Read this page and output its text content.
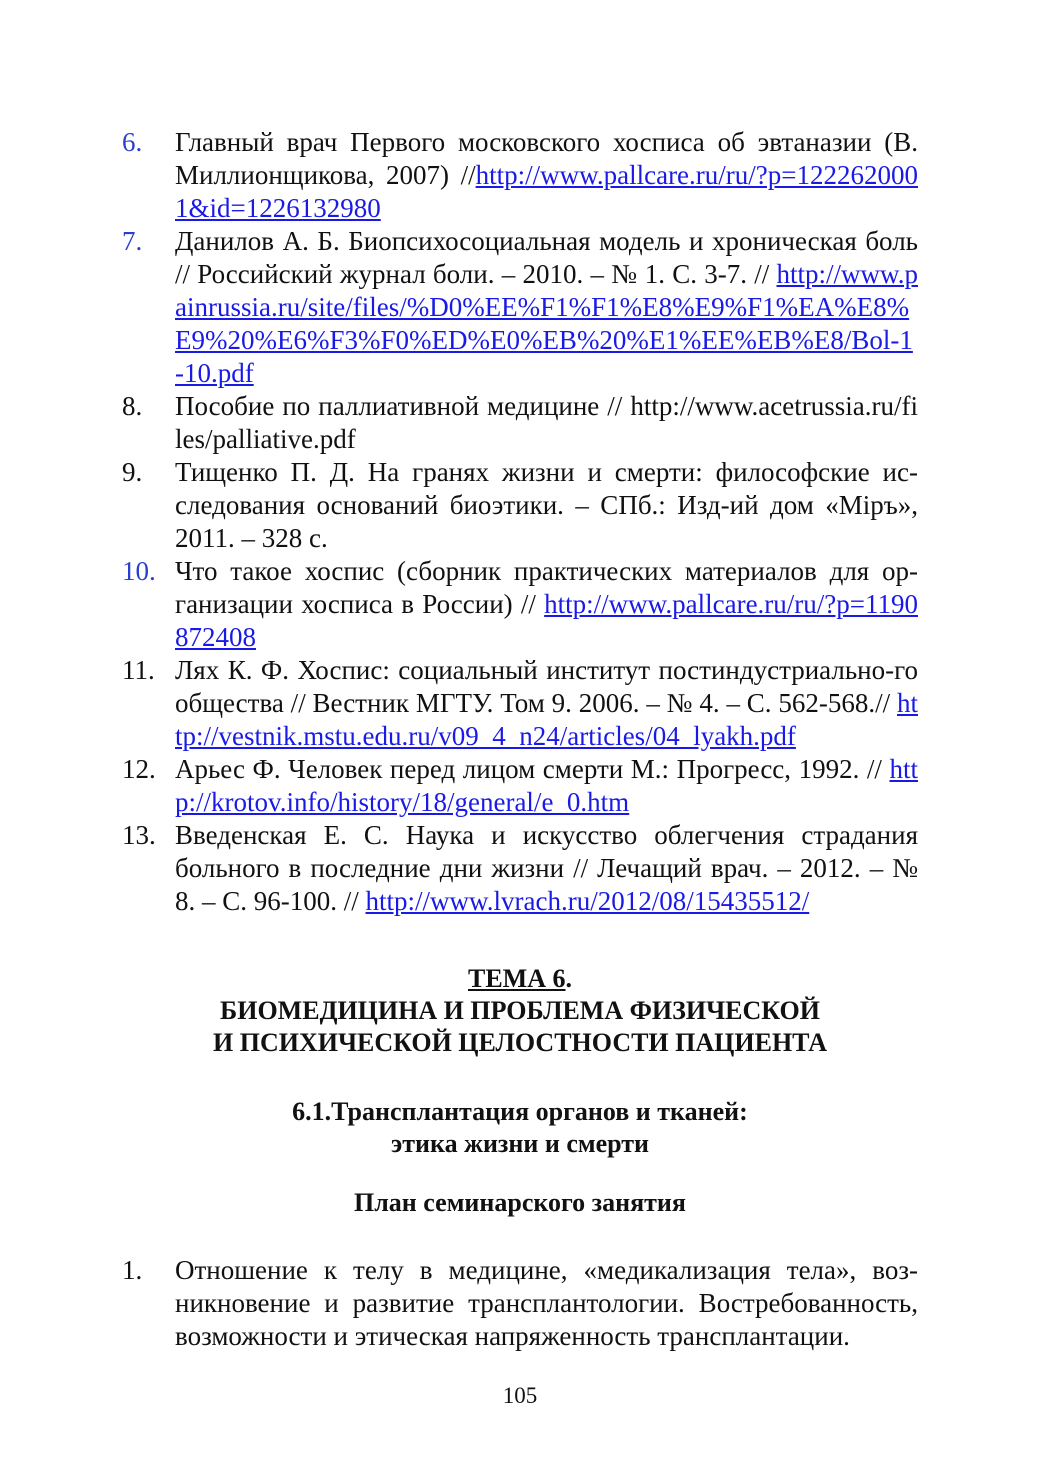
6.	Главный врач Первого московского хосписа об эвтаназии (В. Миллионщикова, 2007) //http://www.pallcare.ru/ru/?p=1222620001&id=1226132980
7.	Данилов А. Б. Биопсихосоциальная модель и хроническая боль // Российский журнал боли. – 2010. – № 1. С. 3-7. // http://www.painrussia.ru/site/files/%D0%EE%F1%F1%E8%E9%F1%EA%E8%E9%20%E6%F3%F0%ED%E0%EB%20%E1%EE%EB%E8/Bol-1-10.pdf
8.	Пособие по паллиативной медицине // http://www.acetrussia.ru/files/palliative.pdf
9.	Тищенко П. Д. На гранях жизни и смерти: философские ис-следования оснований биоэтики. – СПб.: Изд-ий дом «Міръ», 2011. – 328 с.
10. Что такое хоспис (сборник практических материалов для ор-ганизации хосписа в России) // http://www.pallcare.ru/ru/?p=1190872408
11. Лях К. Ф. Хоспис: социальный институт постиндустриально-го общества // Вестник МГТУ. Том 9. 2006. – № 4. – С. 562-568.// http://vestnik.mstu.edu.ru/v09_4_n24/articles/04_lyakh.pdf
12. Арьес Ф. Человек перед лицом смерти М.: Прогресс, 1992. // http://krotov.info/history/18/general/e_0.htm
13. Введенская Е. С. Наука и искусство облегчения страдания больного в последние дни жизни // Лечащий врач. – 2012. – № 8. – С. 96-100. // http://www.lvrach.ru/2012/08/15435512/
ТЕМА 6.
БИОМЕДИЦИНА И ПРОБЛЕМА ФИЗИЧЕСКОЙ
И ПСИХИЧЕСКОЙ ЦЕЛОСТНОСТИ ПАЦИЕНТА
6.1.Трансплантация органов и тканей:
этика жизни и смерти
План семинарского занятия
1.	Отношение к телу в медицине, «медикализация тела», воз-никновение и развитие трансплантологии. Востребованность, возможности и этическая напряженность трансплантации.
105
